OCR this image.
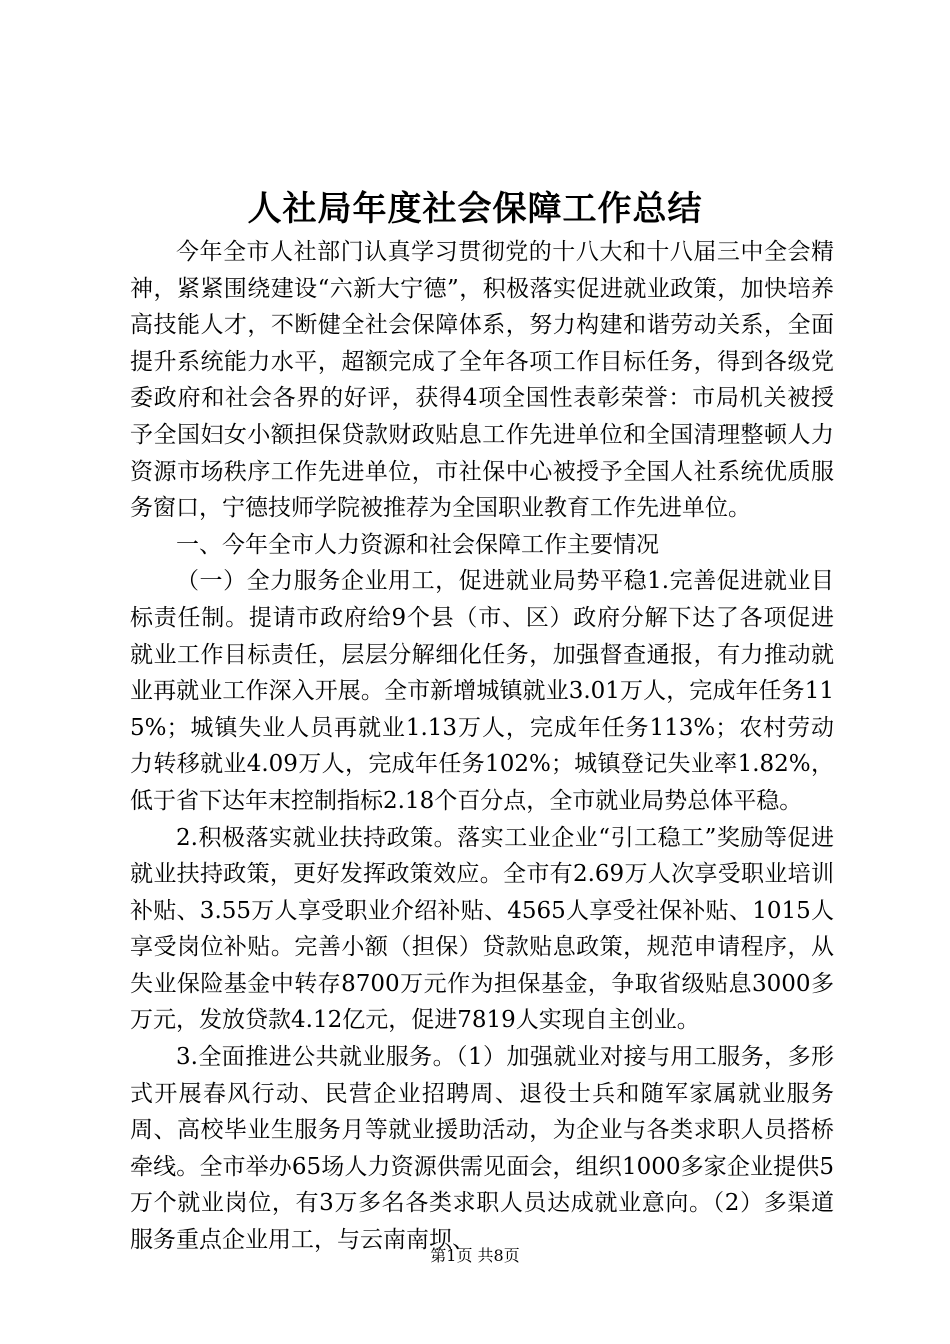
人社局年度社会保障工作总结

今年全市人社部门认真学习贯彻党的十八大和十八届三中全会精神，紧紧围绕建设“六新大宁德”，积极落实促进就业政策，加快培养高技能人才，不断健全社会保障体系，努力构建和谐劳动关系，全面提升系统能力水平，超额完成了全年各项工作目标任务，得到各级党委政府和社会各界的好评，获得4项全国性表彰荣誉：市局机关被授予全国妇女小额担保贷款财政贴息工作先进单位和全国清理整顿人力资源市场秩序工作先进单位，市社保中心被授予全国人社系统优质服务窗口，宁德技师学院被推荐为全国职业教育工作先进单位。

一、今年全市人力资源和社会保障工作主要情况

（一）全力服务企业用工，促进就业局势平稳1.完善促进就业目标责任制。提请市政府给9个县（市、区）政府分解下达了各项促进就业工作目标责任，层层分解细化任务，加强督查通报，有力推动就业再就业工作深入开展。全市新增城镇就业3.01万人，完成年任务115%；城镇失业人员再就业1.13万人，完成年任务113%；农村劳动力转移就业4.09万人，完成年任务102%；城镇登记失业率1.82%，低于省下达年末控制指标2.18个百分点，全市就业局势总体平稳。

2.积极落实就业扶持政策。落实工业企业“引工稳工”奖励等促进就业扶持政策，更好发挥政策效应。全市有2.69万人次享受职业培训补贴、3.55万人享受职业介绍补贴、4565人享受社保补贴、1015人享受岗位补贴。完善小额（担保）贷款贴息政策，规范申请程序，从失业保险基金中转存8700万元作为担保基金，争取省级贴息3000多万元，发放贷款4.12亿元，促进7819人实现自主创业。

3.全面推进公共就业服务。（1）加强就业对接与用工服务，多形式开展春风行动、民营企业招聘周、退役士兵和随军家属就业服务周、高校毕业生服务月等就业援助活动，为企业与各类求职人员搭桥牵线。全市举办65场人力资源供需见面会，组织1000多家企业提供5万个就业岗位，有3万多名各类求职人员达成就业意向。（2）多渠道服务重点企业用工，与云南南坝、

第1页 共8页
